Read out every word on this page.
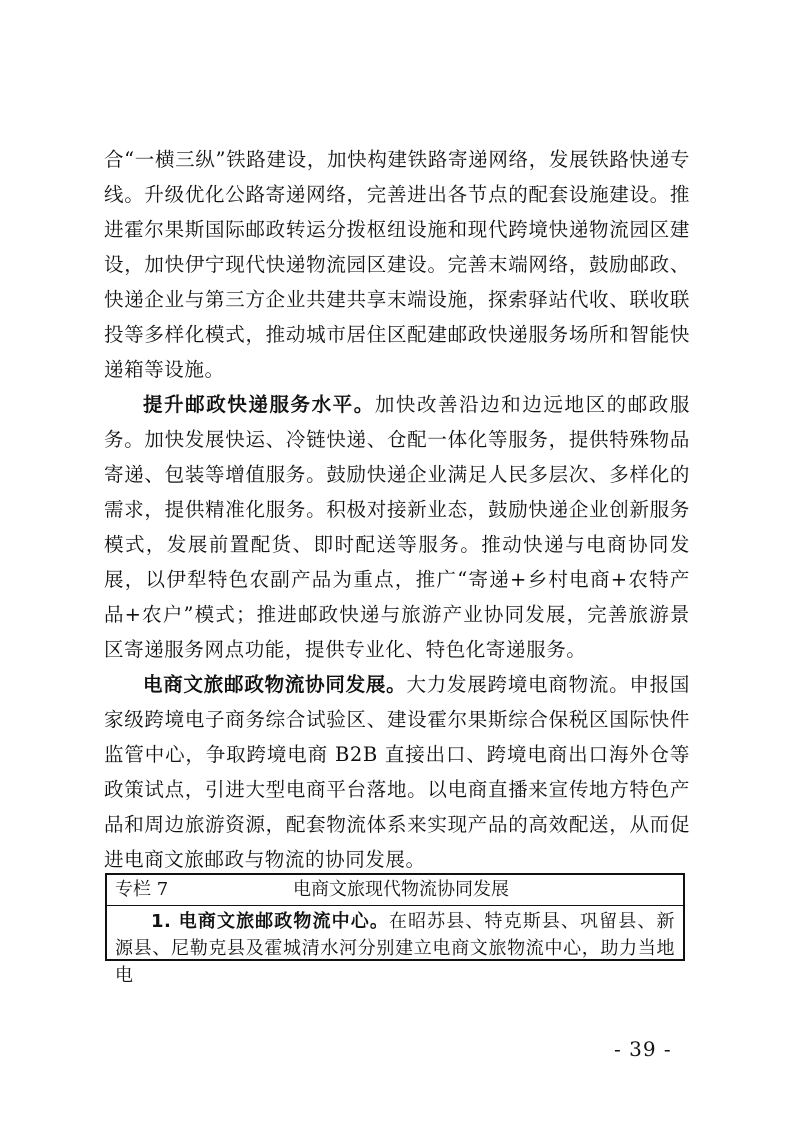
合“一横三纵”铁路建设，加快构建铁路寄递网络，发展铁路快递专线。升级优化公路寄递网络，完善进出各节点的配套设施建设。推进霍尔果斯国际邮政转运分拨枢纽设施和现代跨境快递物流园区建设，加快伊宁现代快递物流园区建设。完善末端网络，鼓励邮政、快递企业与第三方企业共建共享末端设施，探索驿站代收、联收联投等多样化模式，推动城市居住区配建邮政快递服务场所和智能快递箱等设施。

提升邮政快递服务水平。加快改善沿边和边远地区的邮政服务。加快发展快运、冷链快递、仓配一体化等服务，提供特殊物品寄递、包装等增值服务。鼓励快递企业满足人民多层次、多样化的需求，提供精准化服务。积极对接新业态，鼓励快递企业创新服务模式，发展前置配货、即时配送等服务。推动快递与电商协同发展，以伊犁特色农副产品为重点，推广“寄递+乡村电商+农特产品+农户”模式；推进邮政快递与旅游产业协同发展，完善旅游景区寄递服务网点功能，提供专业化、特色化寄递服务。

电商文旅邮政物流协同发展。大力发展跨境电商物流。申报国家级跨境电子商务综合试验区、建设霍尔果斯综合保税区国际快件监管中心，争取跨境电商 B2B 直接出口、跨境电商出口海外仓等政策试点，引进大型电商平台落地。以电商直播来宣传地方特色产品和周边旅游资源，配套物流体系来实现产品的高效配送，从而促进电商文旅邮政与物流的协同发展。

专栏 7	电商文旅现代物流协同发展
1. 电商文旅邮政物流中心。在昭苏县、特克斯县、巩留县、新源县、尼勒克县及霍城清水河分别建立电商文旅物流中心，助力当地电
- 39 -
